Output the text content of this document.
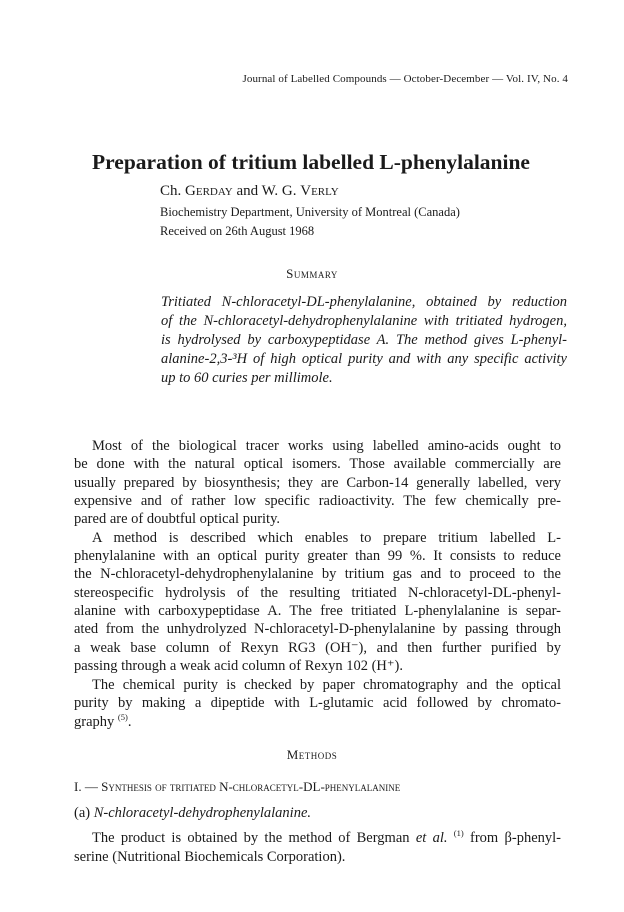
Journal of Labelled Compounds — October-December — Vol. IV, No. 4
Preparation of tritium labelled L-phenylalanine
Ch. Gerday and W. G. Verly
Biochemistry Department, University of Montreal (Canada)
Received on 26th August 1968
Summary
Tritiated N-chloracetyl-DL-phenylalanine, obtained by reduction
of the N-chloracetyl-dehydrophenylalanine with tritiated hydrogen,
is hydrolysed by carboxypeptidase A. The method gives L-phenyl-
alanine-2,3-³H of high optical purity and with any specific activity
up to 60 curies per millimole.
Most of the biological tracer works using labelled amino-acids ought to
be done with the natural optical isomers. Those available commercially are
usually prepared by biosynthesis; they are Carbon-14 generally labelled, very
expensive and of rather low specific radioactivity. The few chemically pre-
pared are of doubtful optical purity.
A method is described which enables to prepare tritium labelled L-
phenylalanine with an optical purity greater than 99 %. It consists to reduce
the N-chloracetyl-dehydrophenylalanine by tritium gas and to proceed to the
stereospecific hydrolysis of the resulting tritiated N-chloracetyl-DL-phenyl-
alanine with carboxypeptidase A. The free tritiated L-phenylalanine is separ-
ated from the unhydrolyzed N-chloracetyl-D-phenylalanine by passing through
a weak base column of Rexyn RG3 (OH⁻), and then further purified by
passing through a weak acid column of Rexyn 102 (H⁺).
The chemical purity is checked by paper chromatography and the optical
purity by making a dipeptide with L-glutamic acid followed by chromato-
graphy $^{(5)}$.
Methods
I. — Synthesis of tritiated N-chloracetyl-DL-phenylalanine
(a) N-chloracetyl-dehydrophenylalanine.
The product is obtained by the method of Bergman et al. $^{(1)}$ from β-phenyl-
serine (Nutritional Biochemicals Corporation).
